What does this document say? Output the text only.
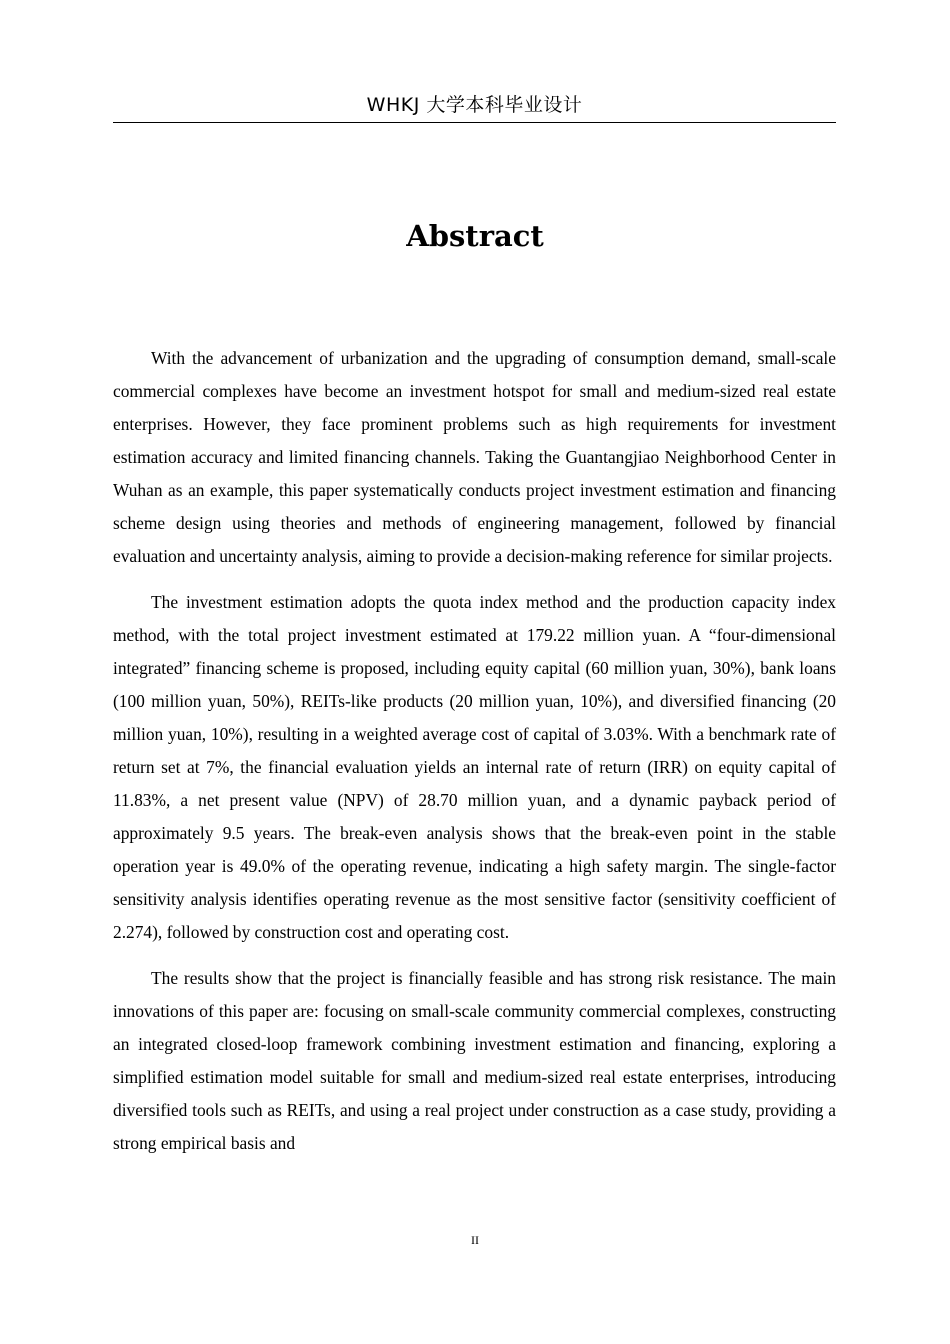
WHKJ 大学本科毕业设计
Abstract

With the advancement of urbanization and the upgrading of consumption demand, small-scale commercial complexes have become an investment hotspot for small and medium-sized real estate enterprises. However, they face prominent problems such as high requirements for investment estimation accuracy and limited financing channels. Taking the Guantangjiao Neighborhood Center in Wuhan as an example, this paper systematically conducts project investment estimation and financing scheme design using theories and methods of engineering management, followed by financial evaluation and uncertainty analysis, aiming to provide a decision-making reference for similar projects.

The investment estimation adopts the quota index method and the production capacity index method, with the total project investment estimated at 179.22 million yuan. A “four-dimensional integrated” financing scheme is proposed, including equity capital (60 million yuan, 30%), bank loans (100 million yuan, 50%), REITs-like products (20 million yuan, 10%), and diversified financing (20 million yuan, 10%), resulting in a weighted average cost of capital of 3.03%. With a benchmark rate of return set at 7%, the financial evaluation yields an internal rate of return (IRR) on equity capital of 11.83%, a net present value (NPV) of 28.70 million yuan, and a dynamic payback period of approximately 9.5 years. The break-even analysis shows that the break-even point in the stable operation year is 49.0% of the operating revenue, indicating a high safety margin. The single-factor sensitivity analysis identifies operating revenue as the most sensitive factor (sensitivity coefficient of 2.274), followed by construction cost and operating cost.

The results show that the project is financially feasible and has strong risk resistance. The main innovations of this paper are: focusing on small-scale community commercial complexes, constructing an integrated closed-loop framework combining investment estimation and financing, exploring a simplified estimation model suitable for small and medium-sized real estate enterprises, introducing diversified tools such as REITs, and using a real project under construction as a case study, providing a strong empirical basis and

II
